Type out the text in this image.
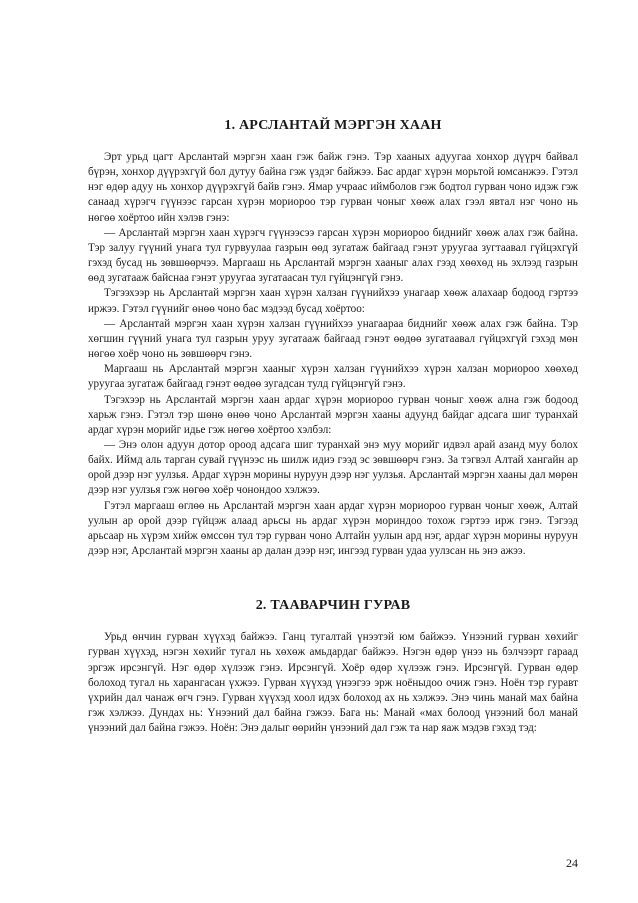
1. АРСЛАНТАЙ МЭРГЭН ХААН

Эрт урьд цагт Арслантай мэргэн хаан гэж байж гэнэ. Тэр хааных адуугаа хонхор дүүрч байвал бүрэн, хонхор дүүрэхгүй бол дутуу байна гэж үздэг байжээ. Бас ардаг хүрэн морьтой юмсанжээ. Гэтэл нэг өдөр адуу нь хонхор дүүрэхгүй байв гэнэ. Ямар учраас иймболов гэж бодтол гурван чоно идэж гэж санаад хүрэгч гүүнээс гарсан хүрэн мориороо тэр гурван чоныг хөөж алах гээл явтал нэг чоно нь нөгөө хоёртоо ийн хэлэв гэнэ:

— Арслантай мэргэн хаан хүрэгч гүүнээсээ гарсан хүрэн мориороо биднийг хөөж алах гэж байна. Тэр залуу гүүний унага тул гурвуулаа газрын өөд зугатаж байгаад гэнэт уруугаа зугтаавал гүйцэхгүй гэхэд бусад нь зөвшөөрчээ. Маргааш нь Арслантай мэргэн хааныг алах гээд хөөхөд нь эхлээд газрын өөд зугатааж байснаа гэнэт уруугаа зугатаасан тул гүйцэнгүй гэнэ.

Тэгээхээр нь Арслантай мэргэн хаан хүрэн халзан гүүнийхээ унагаар хөөж алахаар бодоод гэртээ иржээ. Гэтэл гүүнийг өнөө чоно бас мэдээд бусад хоёртоо:

— Арслантай мэргэн хаан хүрэн халзан гүүнийхээ унагаараа биднийг хөөж алах гэж байна. Тэр хөгшин гүүний унага тул газрын уруу зугатааж байгаад гэнэт өөдөө зугатаавал гүйцэхгүй гэхэд мөн нөгөө хоёр чоно нь зөвшөөрч гэнэ.

Маргааш нь Арслантай мэргэн хааныг хүрэн халзан гүүнийхээ хүрэн халзан мориороо хөөхөд уруугаа зугатаж байгаад гэнэт өөдөө зугадсан тулд гүйцэнгүй гэнэ.

Тэгэхээр нь Арслантай мэргэн хаан ардаг хүрэн мориороо гурван чоныг хөөж ална гэж бодоод харьж гэнэ. Гэтэл тэр шөнө өнөө чоно Арслантай мэргэн хааны адуунд байдаг адсага шиг туранхай ардаг хүрэн морийг идье гэж нөгөө хоёртоо хэлбэл:

— Энэ олон адуун дотор ороод адсага шиг туранхай энэ муу морийг идвэл арай азанд муу болох байх. Иймд аль тарган сувай гүүнээс нь шилж идиэ гээд эс зөвшөөрч гэнэ. За тэгвэл Алтай хангайн ар орой дээр нэг уулзья. Ардаг хүрэн морины нуруун дээр нэг уулзья. Арслантай мэргэн хааны дал мөрөн дээр нэг уулзья гэж нөгөө хоёр чонондоо хэлжээ.

Гэтэл маргааш өглөө нь Арслантай мэргэн хаан ардаг хүрэн мориороо гурван чоныг хөөж, Алтай уулын ар орой дээр гүйцэж алаад арьсы нь ардаг хүрэн мориндоо тохож гэртээ ирж гэнэ. Тэгээд арьсаар нь хүрэм хийж өмссөн тул тэр гурван чоно Алтайн уулын ард нэг, ардаг хүрэн морины нуруун дээр нэг, Арслантай мэргэн хааны ар далан дээр нэг, ингээд гурван удаа уулзсан нь энэ ажээ.

2. ТААВАРЧИН ГУРАВ

Урьд өнчин гурван хүүхэд байжээ. Ганц тугалтай үнээтэй юм байжээ. Үнээний гурван хөхийг гурван хүүхэд, нэгэн хөхийг тугал нь хөхөж амьдардаг байжээ. Нэгэн өдөр үнээ нь бэлчээрт гараад эргэж ирсэнгүй. Нэг өдөр хүлээж гэнэ. Ирсэнгүй. Хоёр өдөр хүлээж гэнэ. Ирсэнгүй. Гурван өдөр болоход тугал нь харангасан үхжээ. Гурван хүүхэд үнээгээ эрж ноёныдоо очиж гэнэ. Ноён тэр гуравт үхрийн дал чанаж өгч гэнэ. Гурван хүүхэд хоол идэх болоход ах нь хэлжээ. Энэ чинь манай мах байна гэж хэлжээ. Дундах нь: Үнээний дал байна гэжээ. Бага нь: Манай «мах болоод үнээний бол манай үнээний дал байна гэжээ. Ноён: Энэ далыг өөрийн үнээний дал гэж та нар яаж мэдэв гэхэд тэд:

24
